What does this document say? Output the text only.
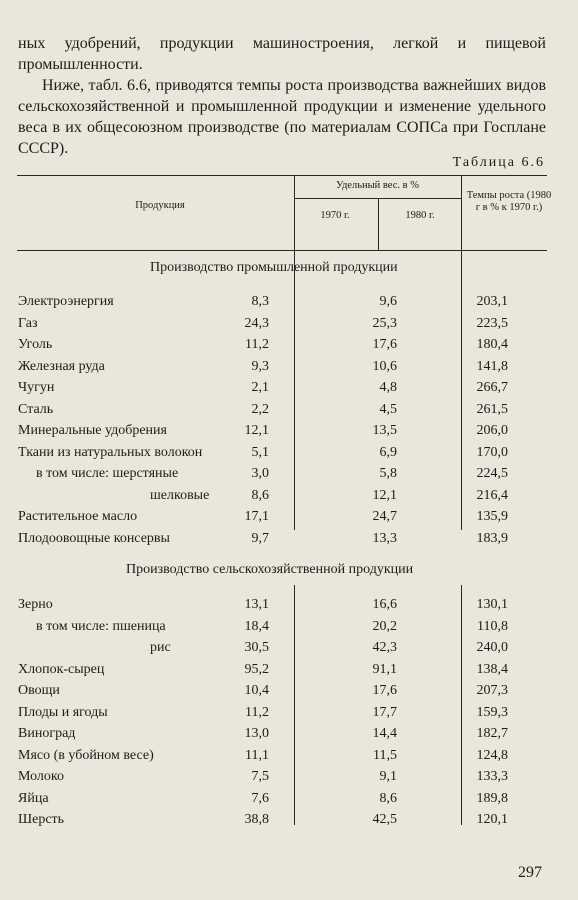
ных удобрений, продукции машиностроения, легкой и пищевой промышленности.

Ниже, табл. 6.6, приводятся темпы роста производства важнейших видов сельскохозяйственной и промышленной продукции и изменение удельного веса в их общесоюзном производстве (по материалам СОПСа при Госплане СССР).

Таблица 6.6
Продукция
Удельный вес. в %
1970 г.	1980 г.
Темпы роста (1980 г в % к 1970 г.)
Производство промышленной продукции
Электроэнергия	8,3	9,6	203,1
Газ	24,3	25,3	223,5
Уголь	11,2	17,6	180,4
Железная руда	9,3	10,6	141,8
Чугун	2,1	4,8	266,7
Сталь	2,2	4,5	261,5
Минеральные удобрения	12,1	13,5	206,0
Ткани из натуральных волокон	5,1	6,9	170,0
в том числе: шерстяные	3,0	5,8	224,5
шелковые	8,6	12,1	216,4
Растительное масло	17,1	24,7	135,9
Плодоовощные консервы	9,7	13,3	183,9
Производство сельскохозяйственной продукции
Зерно	13,1	16,6	130,1
в том числе: пшеница	18,4	20,2	110,8
рис	30,5	42,3	240,0
Хлопок-сырец	95,2	91,1	138,4
Овощи	10,4	17,6	207,3
Плоды и ягоды	11,2	17,7	159,3
Виноград	13,0	14,4	182,7
Мясо (в убойном весе)	11,1	11,5	124,8
Молоко	7,5	9,1	133,3
Яйца	7,6	8,6	189,8
Шерсть	38,8	42,5	120,1
297
